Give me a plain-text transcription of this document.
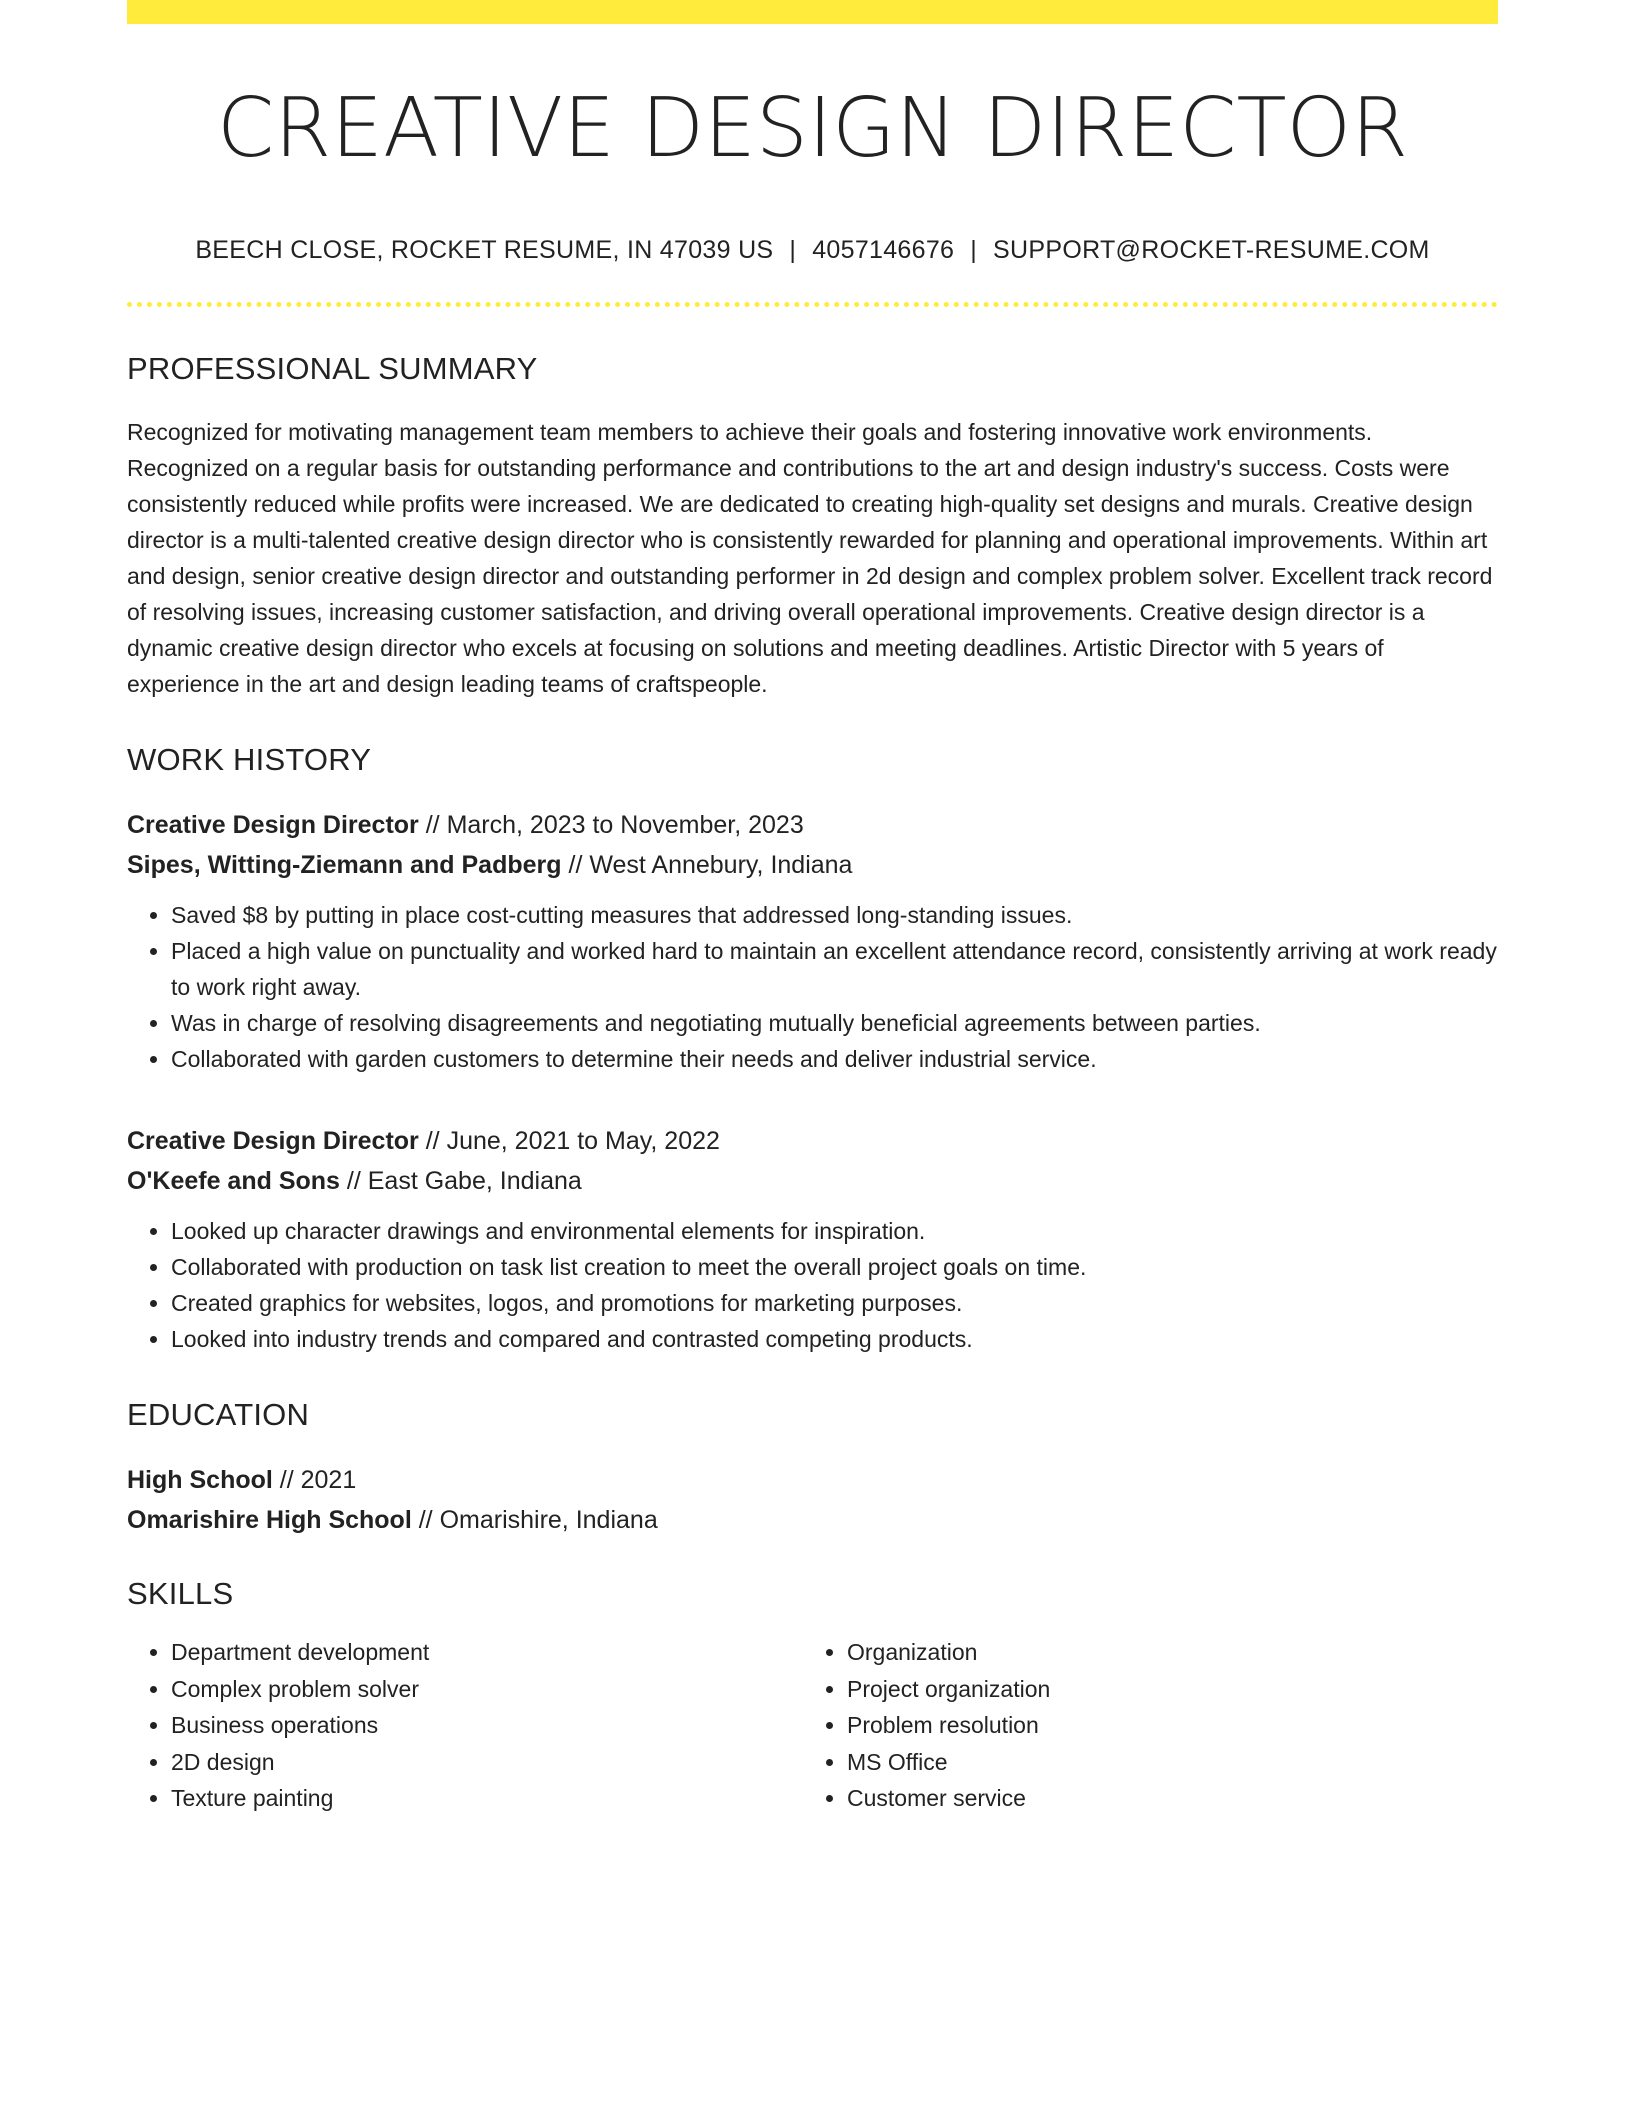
CREATIVE DESIGN DIRECTOR
BEECH CLOSE, ROCKET RESUME, IN 47039 US | 4057146676 | SUPPORT@ROCKET-RESUME.COM
PROFESSIONAL SUMMARY
Recognized for motivating management team members to achieve their goals and fostering innovative work environments. Recognized on a regular basis for outstanding performance and contributions to the art and design industry's success. Costs were consistently reduced while profits were increased. We are dedicated to creating high-quality set designs and murals. Creative design director is a multi-talented creative design director who is consistently rewarded for planning and operational improvements. Within art and design, senior creative design director and outstanding performer in 2d design and complex problem solver. Excellent track record of resolving issues, increasing customer satisfaction, and driving overall operational improvements. Creative design director is a dynamic creative design director who excels at focusing on solutions and meeting deadlines. Artistic Director with 5 years of experience in the art and design leading teams of craftspeople.
WORK HISTORY
Creative Design Director // March, 2023 to November, 2023
Sipes, Witting-Ziemann and Padberg // West Annebury, Indiana
• Saved $8 by putting in place cost-cutting measures that addressed long-standing issues.
• Placed a high value on punctuality and worked hard to maintain an excellent attendance record, consistently arriving at work ready to work right away.
• Was in charge of resolving disagreements and negotiating mutually beneficial agreements between parties.
• Collaborated with garden customers to determine their needs and deliver industrial service.
Creative Design Director // June, 2021 to May, 2022
O'Keefe and Sons // East Gabe, Indiana
• Looked up character drawings and environmental elements for inspiration.
• Collaborated with production on task list creation to meet the overall project goals on time.
• Created graphics for websites, logos, and promotions for marketing purposes.
• Looked into industry trends and compared and contrasted competing products.
EDUCATION
High School // 2021
Omarishire High School // Omarishire, Indiana
SKILLS
• Department development
• Complex problem solver
• Business operations
• 2D design
• Texture painting
• Organization
• Project organization
• Problem resolution
• MS Office
• Customer service
